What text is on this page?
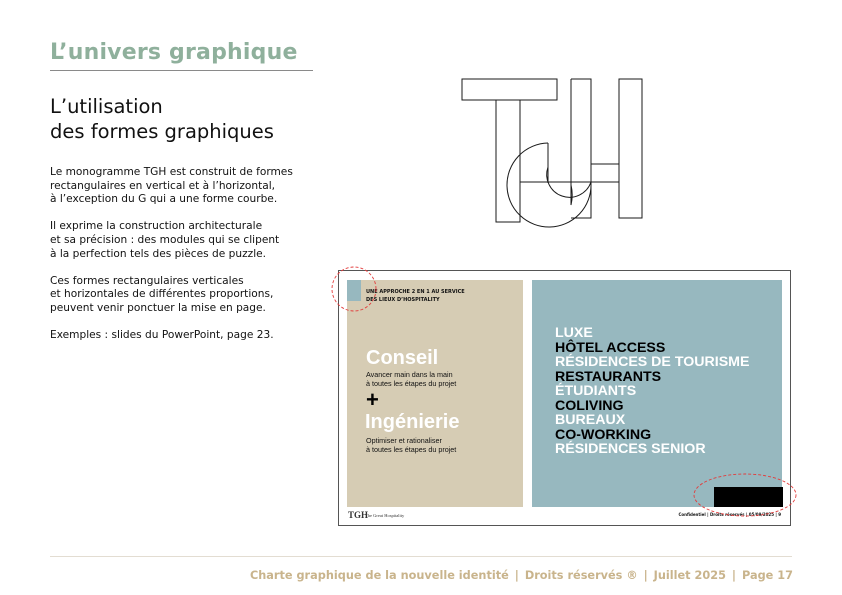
L’univers graphique
L’utilisation
des formes graphiques

Le monogramme TGH est construit de formes
rectangulaires en vertical et à l’horizontal,
à l’exception du G qui a une forme courbe.

Il exprime la construction architecturale
et sa précision : des modules qui se clipent
à la perfection tels des pièces de puzzle.

Ces formes rectangulaires verticales
et horizontales de différentes proportions,
peuvent venir ponctuer la mise en page.

Exemples : slides du PowerPoint, page 23.

UNE APPROCHE 2 EN 1 AU SERVICE
DES LIEUX D’HOSPITALITY
Conseil
Avancer main dans la main
à toutes les étapes du projet
+
Ingénierie
Optimiser et rationaliser
à toutes les étapes du projet
LUXE
HÔTEL ACCESS
RÉSIDENCES DE TOURISME
RESTAURANTS
ÉTUDIANTS
COLIVING
BUREAUX
CO-WORKING
RÉSIDENCES SENIOR
TGH
The Great Hospitality	Confidentiel | Droits réservés | 05/09/2025 | 9
Charte graphique de la nouvelle identité | Droits réservés ® | Juillet 2025 | Page 17
